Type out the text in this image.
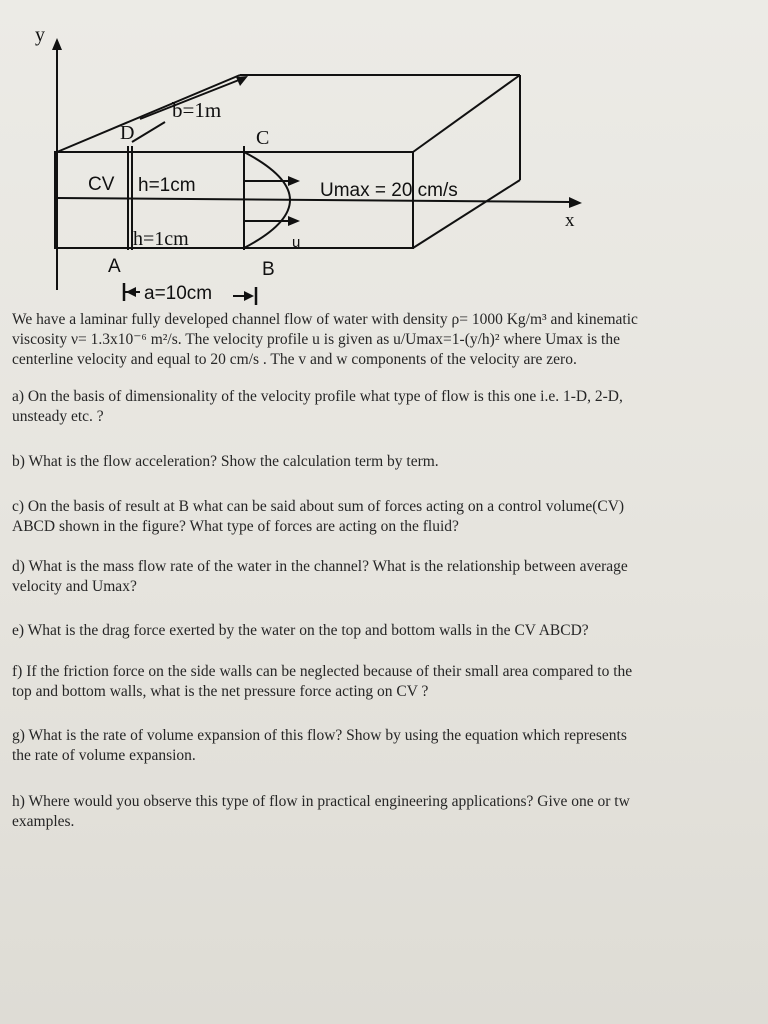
y
x
b=1m
D	C
CV h=1cm	Umax = 20 cm/s
h=1cm	u
A	B
a=10cm

We have a laminar fully developed channel flow of water with density ρ= 1000 Kg/m³ and kinematic

viscosity ν= 1.3x10⁻⁶ m²/s. The velocity profile u is given as u/Umax=1-(y/h)² where Umax is the

centerline velocity and equal to 20 cm/s . The v and w components of the velocity are zero.

a) On the basis of dimensionality of the velocity profile what type of flow is this one i.e. 1-D, 2-D,

unsteady etc. ?

b) What is the flow acceleration? Show the calculation term by term.

c) On the basis of result at B what can be said about sum of forces acting on a control volume(CV)

ABCD shown in the figure? What type of forces are acting on the fluid?

d) What is the mass flow rate of the water in the channel? What is the relationship between average

velocity and Umax?

e) What is the drag force exerted by the water on the top and bottom walls in the CV ABCD?

f) If the friction force on the side walls can be neglected because of their small area compared to the

top and bottom walls, what is the net pressure force acting on CV ?

g) What is the rate of volume expansion of this flow? Show by using the equation which represents

the rate of volume expansion.

h) Where would you observe this type of flow in practical engineering applications? Give one or tw

examples.
